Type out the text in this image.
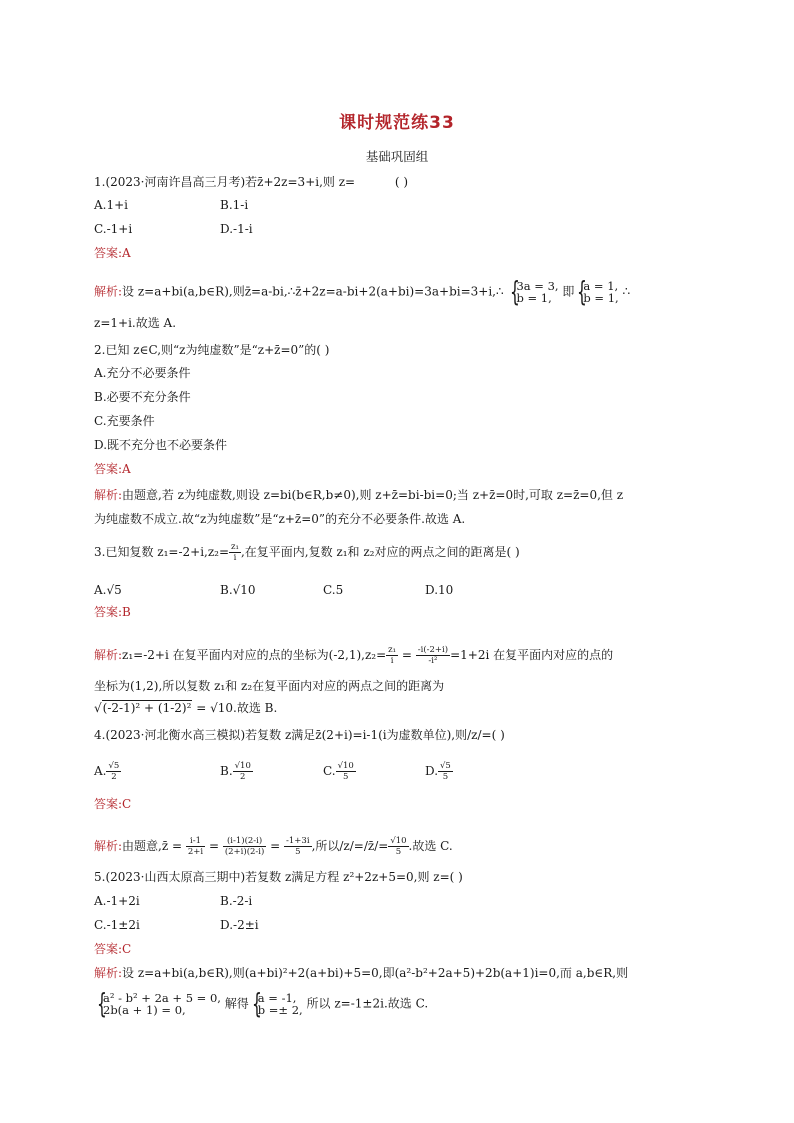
课时规范练33
基础巩固组
1.(2023·河南许昌高三月考)若z̄+2z=3+i,则 z=	( )
A.1+i	B.1-i
C.-1+i	D.-1-i
答案:A
解析:设 z=a+bi(a,b∈R),则z̄=a-bi,∴z̄+2z=a-bi+2(a+bi)=3a+bi=3+i,∴ { 3a = 3,
b = 1, 即 { a = 1,
b = 1, ∴
z=1+i.故选 A.
2.已知 z∈C,则“z为纯虚数”是“z+z̄=0”的( )
A.充分不必要条件
B.必要不充分条件
C.充要条件
D.既不充分也不必要条件
答案:A
解析:由题意,若 z为纯虚数,则设 z=bi(b∈R,b≠0),则 z+z̄=bi-bi=0;当 z+z̄=0时,可取 z=z̄=0,但 z
为纯虚数不成立.故“z为纯虚数”是“z+z̄=0”的充分不必要条件.故选 A.
3.已知复数 $z_1=-2+i,z_2= \frac{\text{z₁}}{i}$ ,在复平面内,复数 z₁和 z₂对应的两点之间的距离是( )
A.√5	B.√10	C.5	D.10
答案:B
解析:z₁=-2+i 在复平面内对应的点的坐标为$(-2,1),z_2= \frac{\text{z₁}}{i} = \frac{-i(-2+i)}{\text{-i²}} =1+2i$ 在复平面内对应的点的
坐标为(1,2),所以复数 z₁和 z₂在复平面内对应的两点之间的距离为
√(-2-1)² + (1-2)² = √10.故选 B.
4.(2023·河北衡水高三模拟)若复数 z满足z̄(2+i)=i-1(i为虚数单位),则/z/=( )
A. $\frac{√5}{2}$	B. $\frac{√10}{2}$	C. $\frac{√10}{5}$	D. $\frac{√5}{5}$
答案:C
解析:由题意,z̄ = $\frac{i-1}{2+i} = \frac{(i-1)(2-i)}{(2+i)(2-i)} = \frac{-1+3i}{5}$ ,所以/z/=/z̄/= $\frac{√10}{5}$ .故选 C.
5.(2023·山西太原高三期中)若复数 z满足方程 z²+2z+5=0,则 z=( )
A.-1+2i	B.-2-i
C.-1±2i	D.-2±i
答案:C
解析:设 z=a+bi(a,b∈R),则(a+bi)²+2(a+bi)+5=0,即(a²-b²+2a+5)+2b(a+1)i=0,而 a,b∈R,则
{ a² - b² + 2a + 5 = 0,
2b(a + 1) = 0,	解得 { a = -1,
b =± 2, 所以 z=-1±2i.故选 C.
